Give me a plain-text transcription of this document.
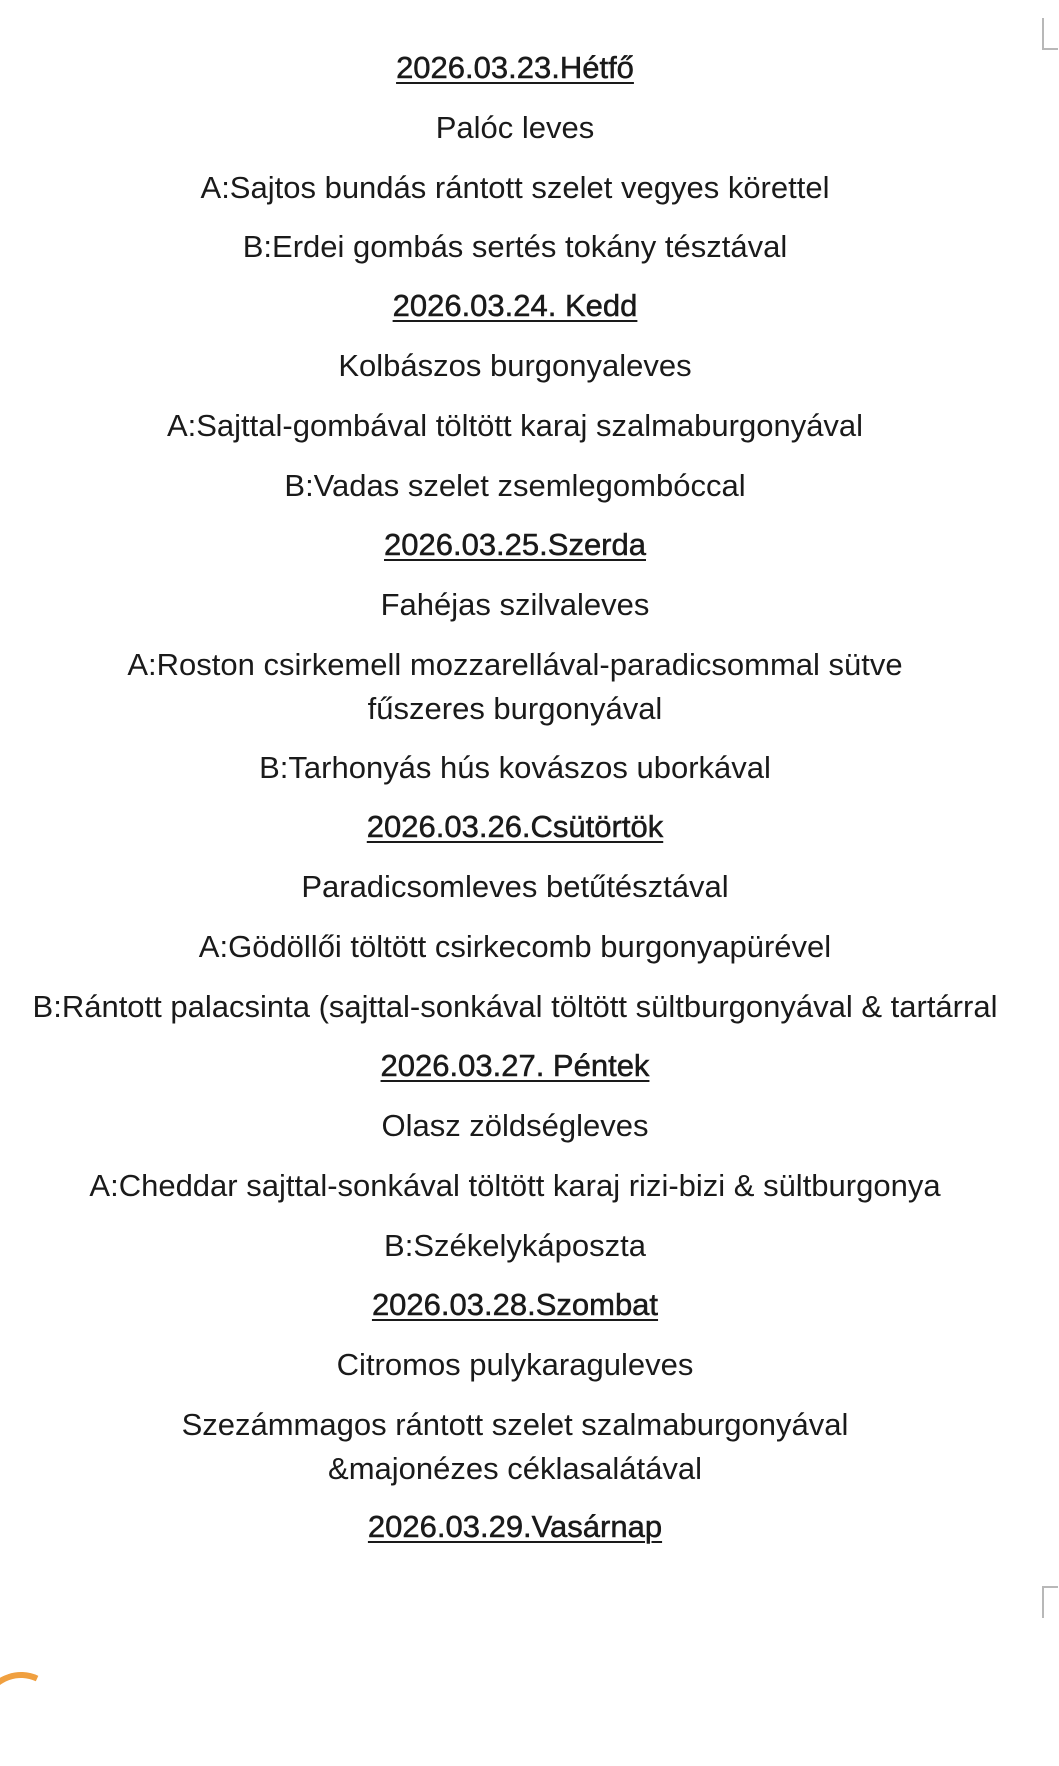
2026.03.23.Hétfő
Palóc leves
A:Sajtos bundás rántott szelet vegyes körettel
B:Erdei gombás sertés tokány tésztával
2026.03.24. Kedd
Kolbászos burgonyaleves
A:Sajttal-gombával töltött karaj szalmaburgonyával
B:Vadas szelet zsemlegombóccal
2026.03.25.Szerda
Fahéjas szilvaleves
A:Roston csirkemell mozzarellával-paradicsommal sütve fűszeres burgonyával
B:Tarhonyás hús kovászos uborkával
2026.03.26.Csütörtök
Paradicsomleves betűtésztával
A:Gödöllői töltött csirkecomb burgonyapürével
B:Rántott palacsinta (sajttal-sonkával töltött sültburgonyával & tartárral
2026.03.27. Péntek
Olasz zöldségleves
A:Cheddar sajttal-sonkával töltött karaj rizi-bizi & sültburgonya
B:Székelykáposzta
2026.03.28.Szombat
Citromos pulykaraguleves
Szezámmagos rántott szelet szalmaburgonyával &majonézes céklasalátával
2026.03.29.Vasárnap
